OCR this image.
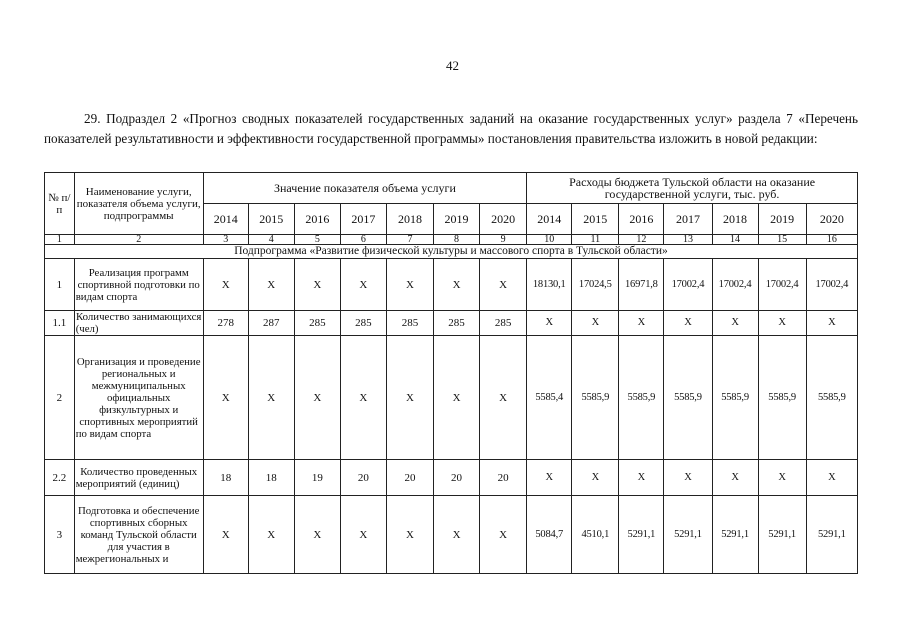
42

29. Подраздел 2 «Прогноз сводных показателей государственных заданий на оказание государственных услуг» раздела 7 «Перечень показателей результативности и эффективности государственной программы» постановления правительства изложить в новой редакции:

№ п/п	Наименование услуги, показателя объема услуги, подпрограммы	Значение показателя объема услуги							Расходы бюджета Тульской области на оказание государственной услуги, тыс. руб.						
		2014	2015	2016	2017	2018	2019	2020	2014	2015	2016	2017	2018	2019	2020
1	2	3	4	5	6	7	8	9	10	11	12	13	14	15	16
Подпрограмма «Развитие физической культуры и массового спорта в Тульской области»															
1	Реализация программ спортивной подготовки по видам спорта	X	X	X	X	X	X	X	18130,1	17024,5	16971,8	17002,4	17002,4	17002,4	17002,4
1.1	Количество занимающихся (чел)	278	287	285	285	285	285	285	X	X	X	X	X	X	X
2	Организация и проведение региональных и межмуниципальных официальных физкультурных и спортивных мероприятий по видам спорта	X	X	X	X	X	X	X	5585,4	5585,9	5585,9	5585,9	5585,9	5585,9	5585,9
2.2	Количество проведенных мероприятий (единиц)	18	18	19	20	20	20	20	X	X	X	X	X	X	X
3	Подготовка и обеспечение спортивных сборных команд Тульской области для участия в межрегиональных и	X	X	X	X	X	X	X	5084,7	4510,1	5291,1	5291,1	5291,1	5291,1	5291,1
